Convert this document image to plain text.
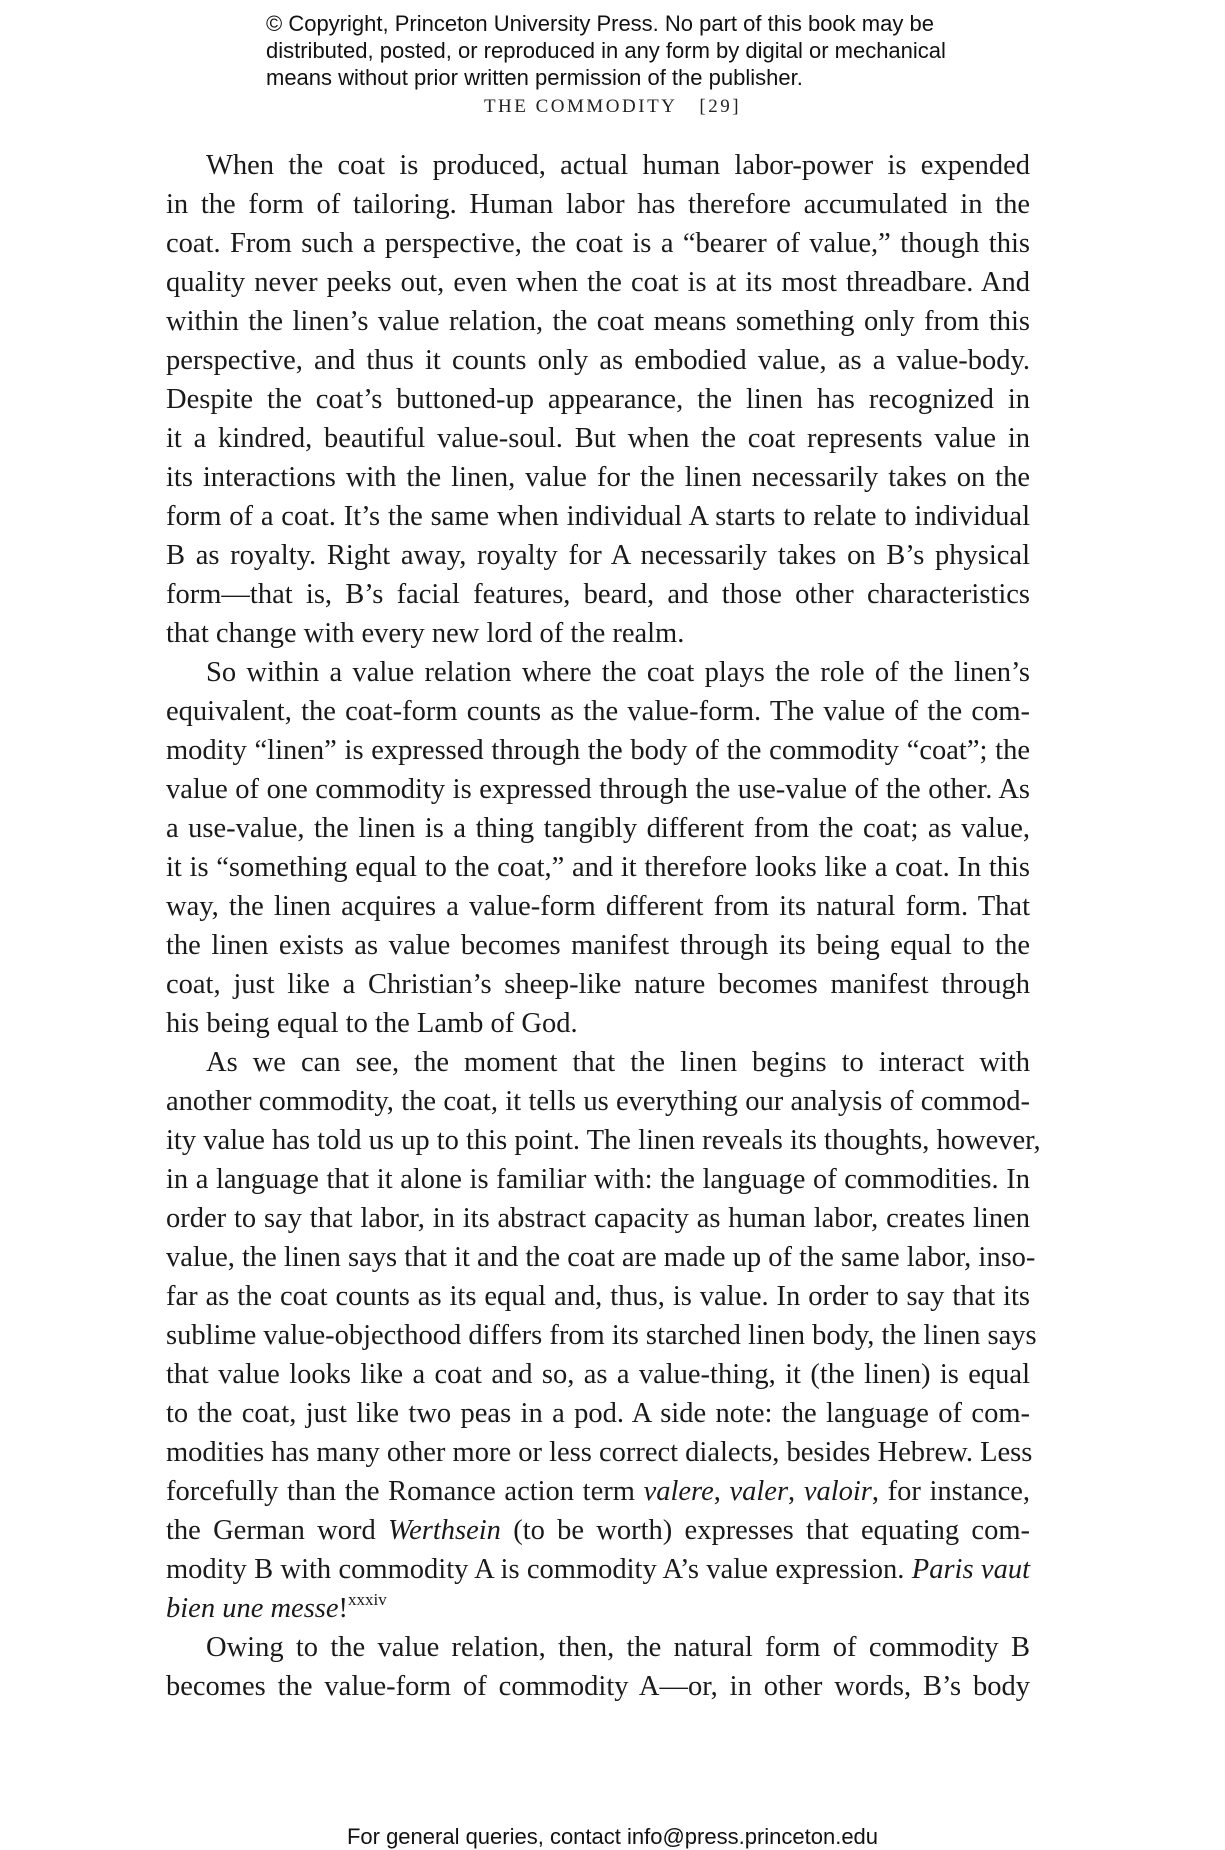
© Copyright, Princeton University Press. No part of this book may be
distributed, posted, or reproduced in any form by digital or mechanical
means without prior written permission of the publisher.
THE COMMODITY [29]
When the coat is produced, actual human labor-power is expended
in the form of tailoring. Human labor has therefore accumulated in the
coat. From such a perspective, the coat is a “bearer of value,” though this
quality never peeks out, even when the coat is at its most threadbare. And
within the linen’s value relation, the coat means something only from this
perspective, and thus it counts only as embodied value, as a value-body.
Despite the coat’s buttoned-up appearance, the linen has recognized in
it a kindred, beautiful value-soul. But when the coat represents value in
its interactions with the linen, value for the linen necessarily takes on the
form of a coat. It’s the same when individual A starts to relate to individual
B as royalty. Right away, royalty for A necessarily takes on B’s physical
form—that is, B’s facial features, beard, and those other characteristics
that change with every new lord of the realm.
So within a value relation where the coat plays the role of the linen’s
equivalent, the coat-form counts as the value-form. The value of the com-
modity “linen” is expressed through the body of the commodity “coat”; the
value of one commodity is expressed through the use-value of the other. As
a use-value, the linen is a thing tangibly different from the coat; as value,
it is “something equal to the coat,” and it therefore looks like a coat. In this
way, the linen acquires a value-form different from its natural form. That
the linen exists as value becomes manifest through its being equal to the
coat, just like a Christian’s sheep-like nature becomes manifest through
his being equal to the Lamb of God.
As we can see, the moment that the linen begins to interact with
another commodity, the coat, it tells us everything our analysis of commod-
ity value has told us up to this point. The linen reveals its thoughts, however,
in a language that it alone is familiar with: the language of commodities. In
order to say that labor, in its abstract capacity as human labor, creates linen
value, the linen says that it and the coat are made up of the same labor, inso-
far as the coat counts as its equal and, thus, is value. In order to say that its
sublime value-objecthood differs from its starched linen body, the linen says
that value looks like a coat and so, as a value-thing, it (the linen) is equal
to the coat, just like two peas in a pod. A side note: the language of com-
modities has many other more or less correct dialects, besides Hebrew. Less
forcefully than the Romance action term valere, valer, valoir, for instance,
the German word Werthsein (to be worth) expresses that equating com-
modity B with commodity A is commodity A’s value expression. Paris vaut
bien une messe!$^{xxxiv}$
Owing to the value relation, then, the natural form of commodity B
becomes the value-form of commodity A—or, in other words, B’s body
For general queries, contact info@press.princeton.edu
